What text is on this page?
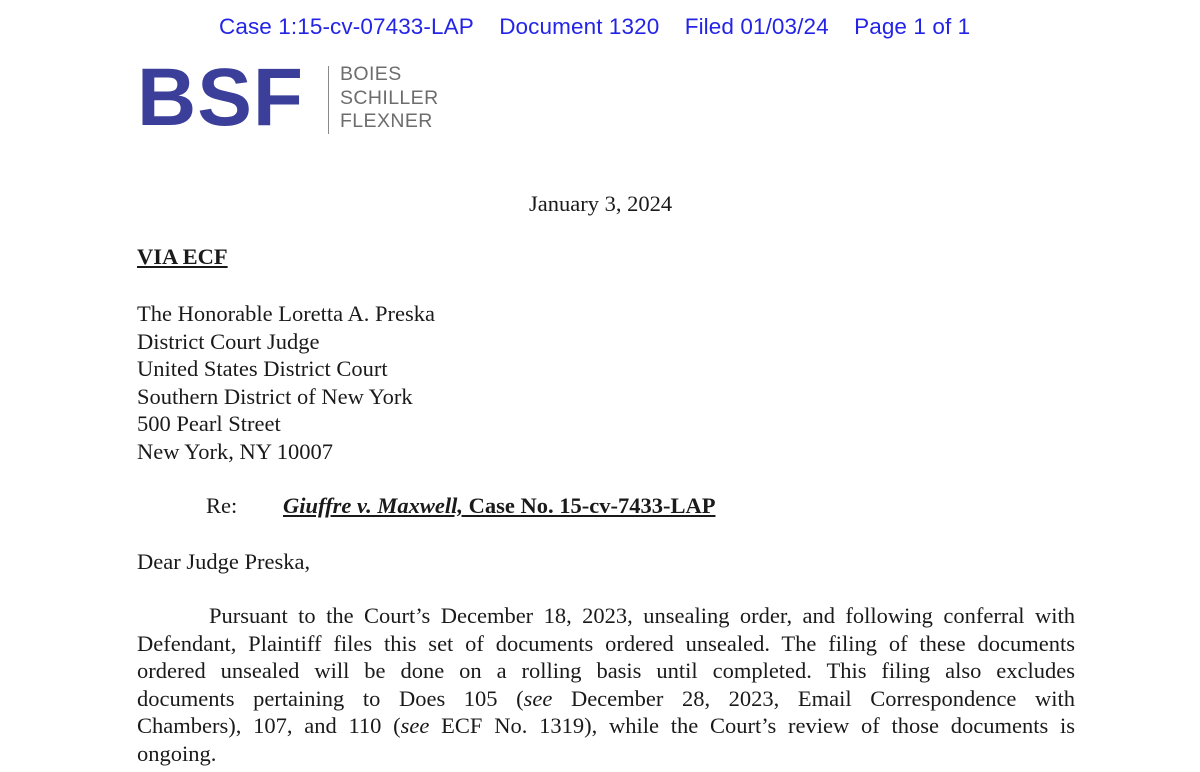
Case 1:15-cv-07433-LAP Document 1320 Filed 01/03/24 Page 1 of 1
BSF BOIES
SCHILLER
FLEXNER
January 3, 2024
VIA ECF
The Honorable Loretta A. Preska
District Court Judge
United States District Court
Southern District of New York
500 Pearl Street
New York, NY 10007
Re: Giuffre v. Maxwell, Case No. 15-cv-7433-LAP
Dear Judge Preska,
Pursuant to the Court’s December 18, 2023, unsealing order, and following conferral with
Defendant, Plaintiff files this set of documents ordered unsealed. The filing of these documents
ordered unsealed will be done on a rolling basis until completed. This filing also excludes
documents pertaining to Does 105 (see December 28, 2023, Email Correspondence with
Chambers), 107, and 110 (see ECF No. 1319), while the Court’s review of those documents is
ongoing.
